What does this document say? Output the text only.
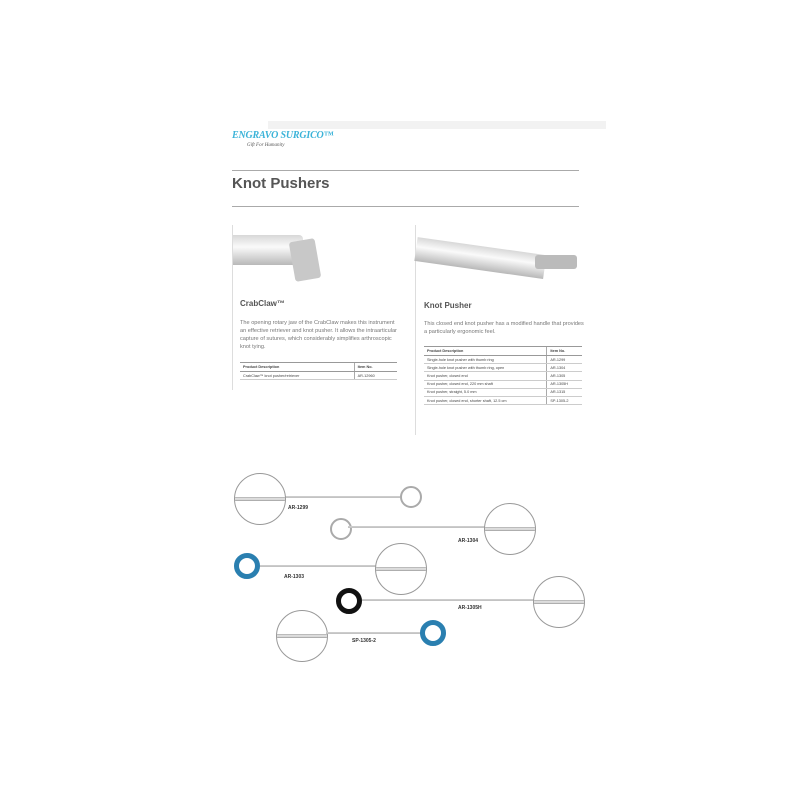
ENGRAVO SURGICO™
Gift For Humanity
Knot Pushers
CrabClaw™
The opening rotary jaw of the CrabClaw makes this instrument an effective retriever and knot pusher. It allows the intraarticular capture of sutures, which considerably simplifies arthroscopic knot tying.
Product Description	Item No.
CrabClaw™ knot pusher/retriever	AR-12960
Knot Pusher
This closed end knot pusher has a modified handle that provides a particularly ergonomic feel.
Product Description	Item No.
Single-hole knot pusher with thumb ring	AR-1299
Single-hole knot pusher with thumb ring, open	AR-1304
Knot pusher, closed end	AR-1305
Knot pusher, closed end, 220 mm shaft	AR-1305H
Knot pusher, straight, 5.0 mm	AR-1315
Knot pusher, closed end, shorter shaft, 12.5 cm	SP-1305-2
AR-1299
AR-1304
AR-1303
AR-1305H
SP-1305-2
